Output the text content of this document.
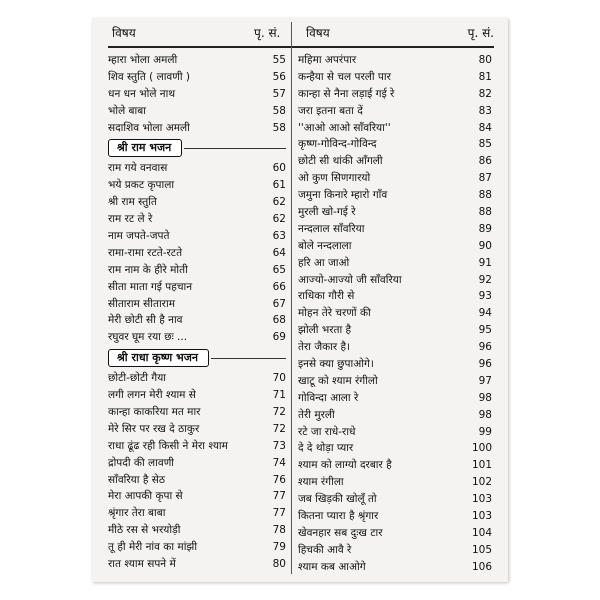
विषय	पृ. सं. विषय	पृ. सं.
म्हारा भोला अमली	55
शिव स्तुति ( लावणी )	56
धन धन भोले नाथ	57
भोले बाबा	58
सदाशिव भोला अमली	58
श्री राम भजन
राम गये वनवास	60
भये प्रकट कृपाला	61
श्री राम स्तुति	62
राम रट ले रे	62
नाम जपते-जपते	63
रामा-रामा रटते-रटते	64
राम नाम के हीरे मोती	65
सीता माता गई पहचान	66
सीताराम सीताराम	67
मेरी छोटी सी है नाव	68
रघुवर घूम रया छः ...	69
श्री राधा कृष्ण भजन
छोटी-छोटी गैया	70
लगी लगन मेरी श्याम से	71
कान्हा काकरिया मत मार	72
मेरे सिर पर रख दे ठाकुर	72
राधा ढूंढ रही किसी ने मेरा श्याम	73
द्रोपदी की लावणी	74
साँवरिया है सेठ	76
मेरा आपकी कृपा से	77
श्रृंगार तेरा बाबा	77
मीठे रस से भरयोड़ी	78
तू ही मेरी नांव का मांझी	79
रात श्याम सपने में	80
महिमा अपरंपार	80
कन्हैया से चल परली पार	81
कान्हा से नैना लड़ाई गई रे	82
जरा इतना बता दें	83
''आओ आओ साँवरिया''	84
कृष्ण-गोविन्द-गोविन्द	85
छोटी सी थांकी आँगली	86
ओ कुण सिणगारयो	87
जमुना किनारे म्हारो गाँव	88
मुरली खो-गई रे	88
नन्दलाल साँवरिया	89
बोले नन्दलाला	90
हरि आ जाओ	91
आज्यो-आज्यो जी साँवरिया	92
राधिका गौरी से	93
मोहन तेरे चरणों की	94
झोली भरता है	95
तेरा जैकार है।	96
इनसे क्या छुपाओगे।	96
खाटू को श्याम रंगीलो	97
गोविन्दा आला रे	98
तेरी मुरली	98
रटे जा राधे-राधे	99
दे दे थोड़ा प्यार	100
श्याम को लाग्यो दरबार है	101
श्याम रंगीला	102
जब खिड़की खोलूँ तो	103
कितना प्यारा है श्रृंगार	103
खेवनहार सब दुःख टार	104
हिचकी आवै रे	105
श्याम कब आओगे	106
